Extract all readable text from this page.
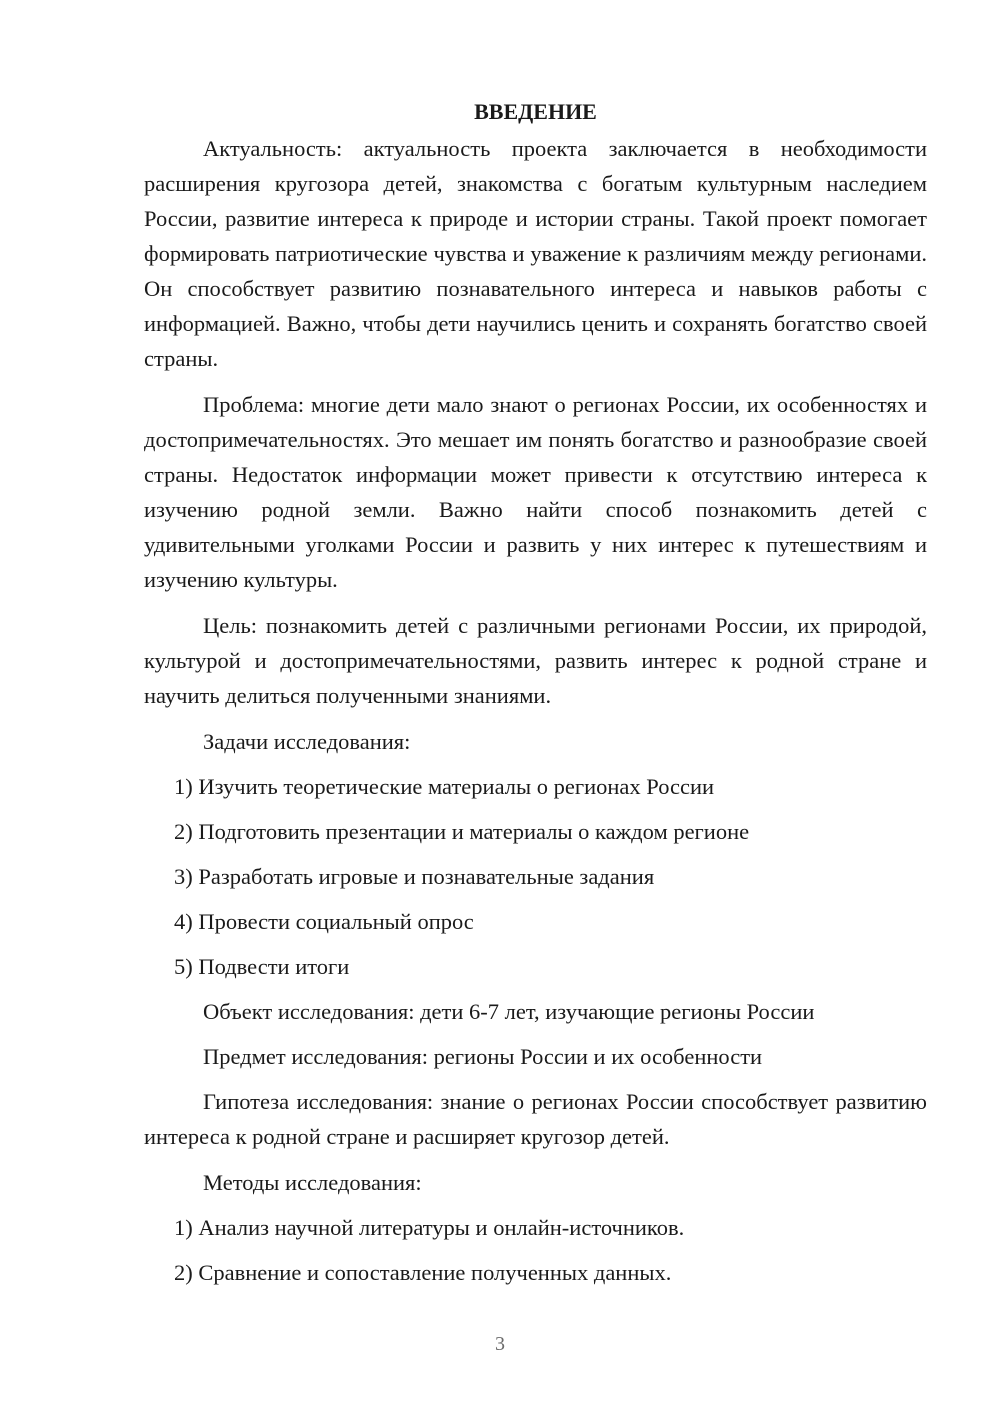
ВВЕДЕНИЕ

Актуальность: актуальность проекта заключается в необходимости расширения кругозора детей, знакомства с богатым культурным наследием России, развитие интереса к природе и истории страны. Такой проект помогает формировать патриотические чувства и уважение к различиям между регионами. Он способствует развитию познавательного интереса и навыков работы с информацией. Важно, чтобы дети научились ценить и сохранять богатство своей страны.

Проблема: многие дети мало знают о регионах России, их особенностях и достопримечательностях. Это мешает им понять богатство и разнообразие своей страны. Недостаток информации может привести к отсутствию интереса к изучению родной земли. Важно найти способ познакомить детей с удивительными уголками России и развить у них интерес к путешествиям и изучению культуры.

Цель: познакомить детей с различными регионами России, их природой, культурой и достопримечательностями, развить интерес к родной стране и научить делиться полученными знаниями.

Задачи исследования:

1) Изучить теоретические материалы о регионах России
2) Подготовить презентации и материалы о каждом регионе
3) Разработать игровые и познавательные задания
4) Провести социальный опрос
5) Подвести итоги

Объект исследования: дети 6-7 лет, изучающие регионы России

Предмет исследования: регионы России и их особенности

Гипотеза исследования: знание о регионах России способствует развитию интереса к родной стране и расширяет кругозор детей.

Методы исследования:

1) Анализ научной литературы и онлайн-источников.
2) Сравнение и сопоставление полученных данных.
3
